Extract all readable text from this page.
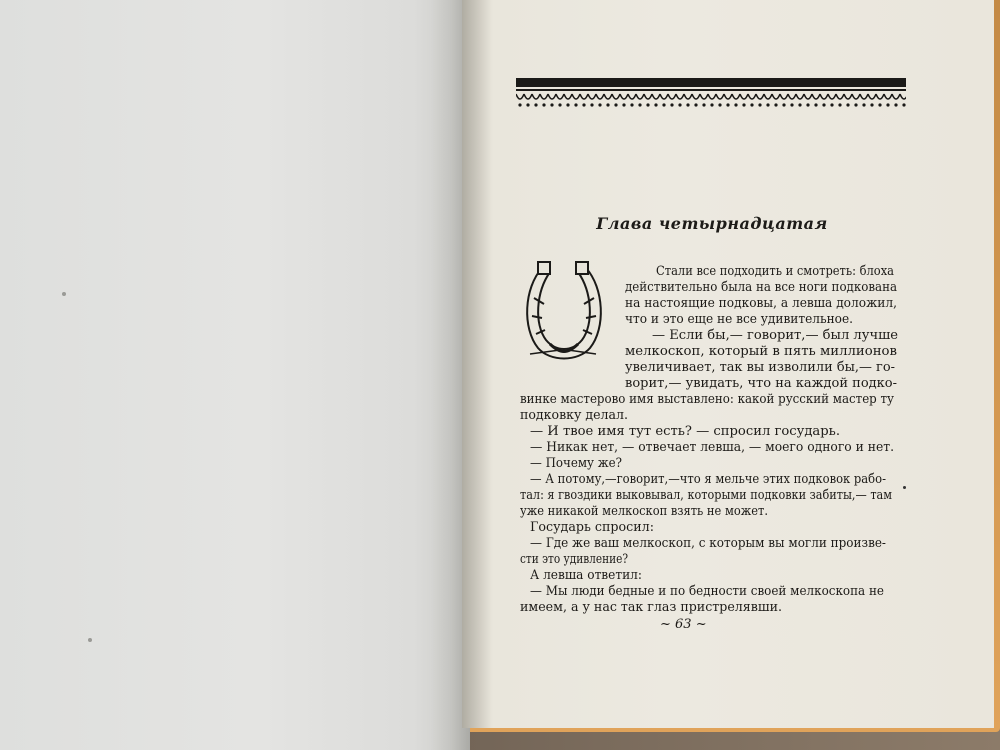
Глава четырнадцатая
Стали все подходить и смотреть: блоха
действительно была на все ноги подкована
на настоящие подковы, а левша доложил,
что и это еще не все удивительное.
— Если бы,— говорит,— был лучше
мелкоскоп, который в пять миллионов
увеличивает, так вы изволили бы,— го-
ворит,— увидать, что на каждой подко-
винке мастерово имя выставлено: какой русский мастер ту
подковку делал.
— И твое имя тут есть? — спросил государь.
— Никак нет, — отвечает левша, — моего одного и нет.
— Почему же?
— А потому,—говорит,—что я мельче этих подковок рабо-
тал: я гвоздики выковывал, которыми подковки забиты,— там
уже никакой мелкоскоп взять не может.
Государь спросил:
— Где же ваш мелкоскоп, с которым вы могли произве-
сти это удивление?
А левша ответил:
— Мы люди бедные и по бедности своей мелкоскопа не
имеем, а у нас так глаз пристрелявши.
~ 63 ~
